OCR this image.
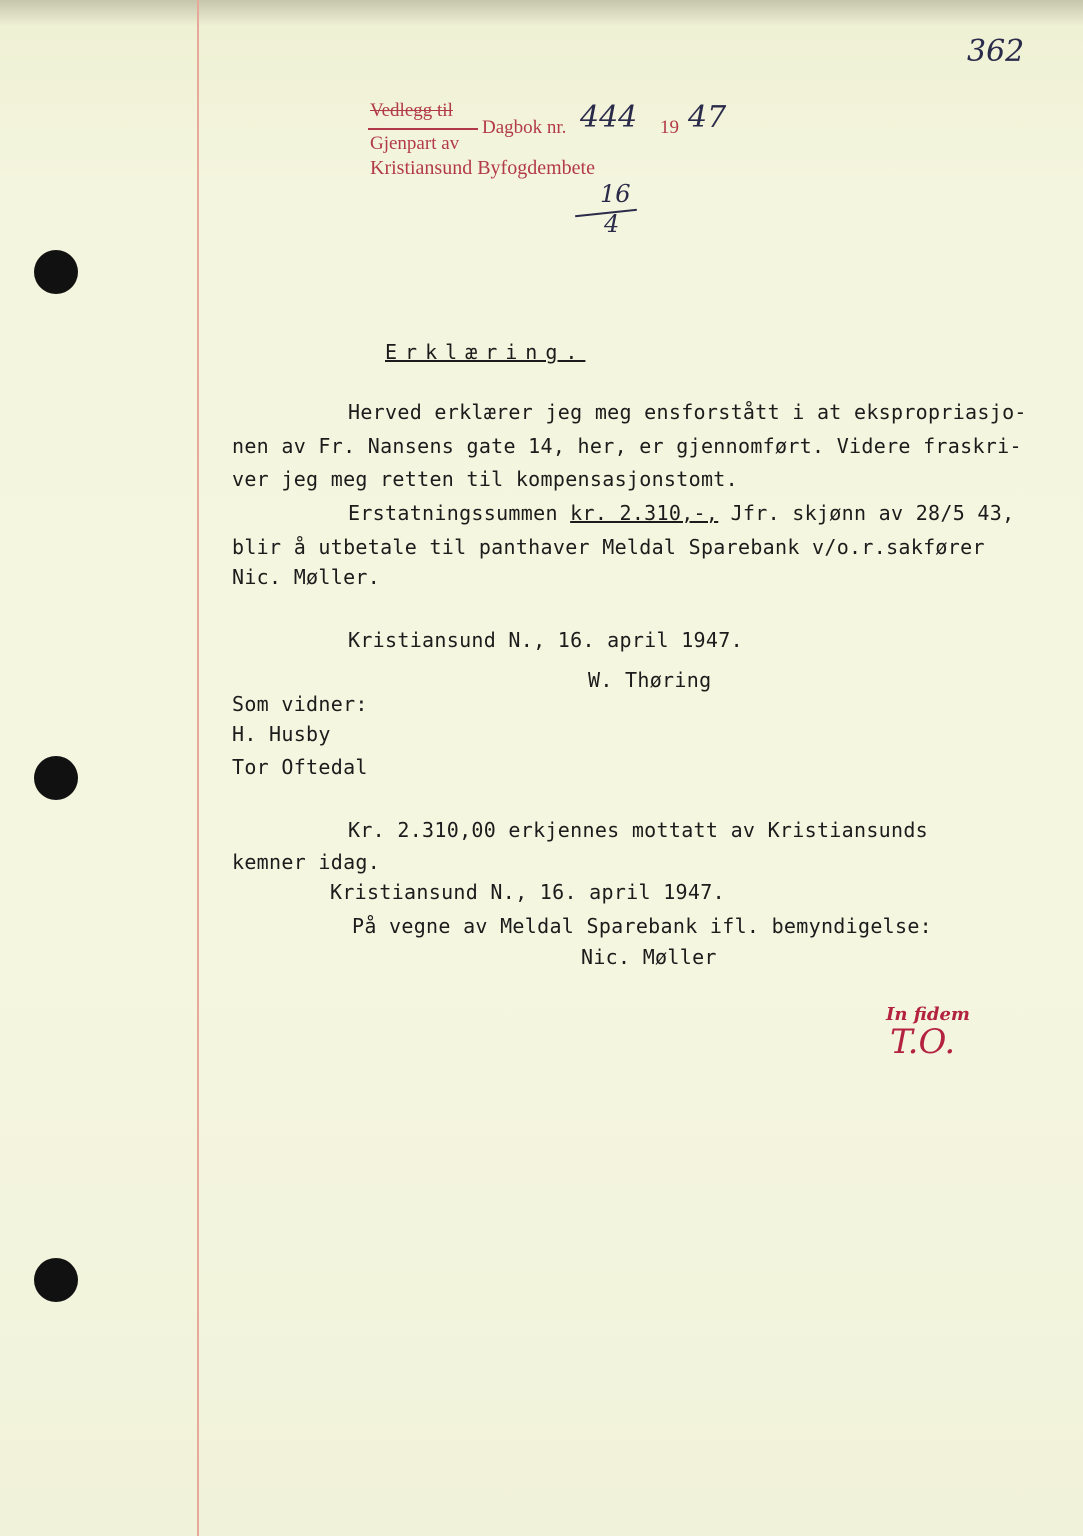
362
Vedlegg til
Dagbok nr. 444 19 47
Gjenpart av
Kristiansund Byfogdembete
16
4
Erklæring.
Herved erklærer jeg meg ensforstått i at ekspropriasjo-
nen av Fr. Nansens gate 14, her, er gjennomført. Videre fraskri-
ver jeg meg retten til kompensasjonstomt.
Erstatningssummen kr. 2.310,-, Jfr. skjønn av 28/5 43,
blir å utbetale til panthaver Meldal Sparebank v/o.r.sakfører
Nic. Møller.
Kristiansund N., 16. april 1947.
W. Thøring
Som vidner:
H. Husby
Tor Oftedal
Kr. 2.310,00 erkjennes mottatt av Kristiansunds
kemner idag.
Kristiansund N., 16. april 1947.
På vegne av Meldal Sparebank ifl. bemyndigelse:
Nic. Møller
In fidem
T.O.
